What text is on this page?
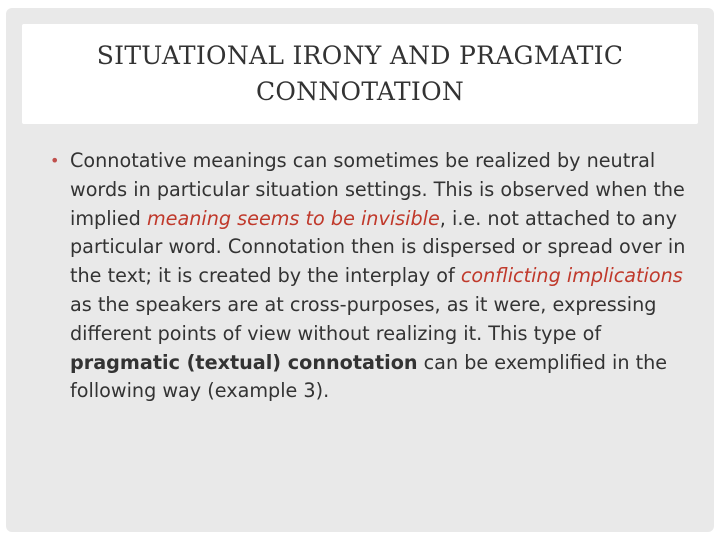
SITUATIONAL IRONY AND PRAGMATIC
CONNOTATION

• Connotative meanings can sometimes be realized by neutral words in particular situation settings. This is observed when the implied meaning seems to be invisible, i.e. not attached to any particular word. Connotation then is dispersed or spread over in the text; it is created by the interplay of conflicting implications as the speakers are at cross-purposes, as it were, expressing different points of view without realizing it. This type of pragmatic (textual) connotation can be exemplified in the following way (example 3).
